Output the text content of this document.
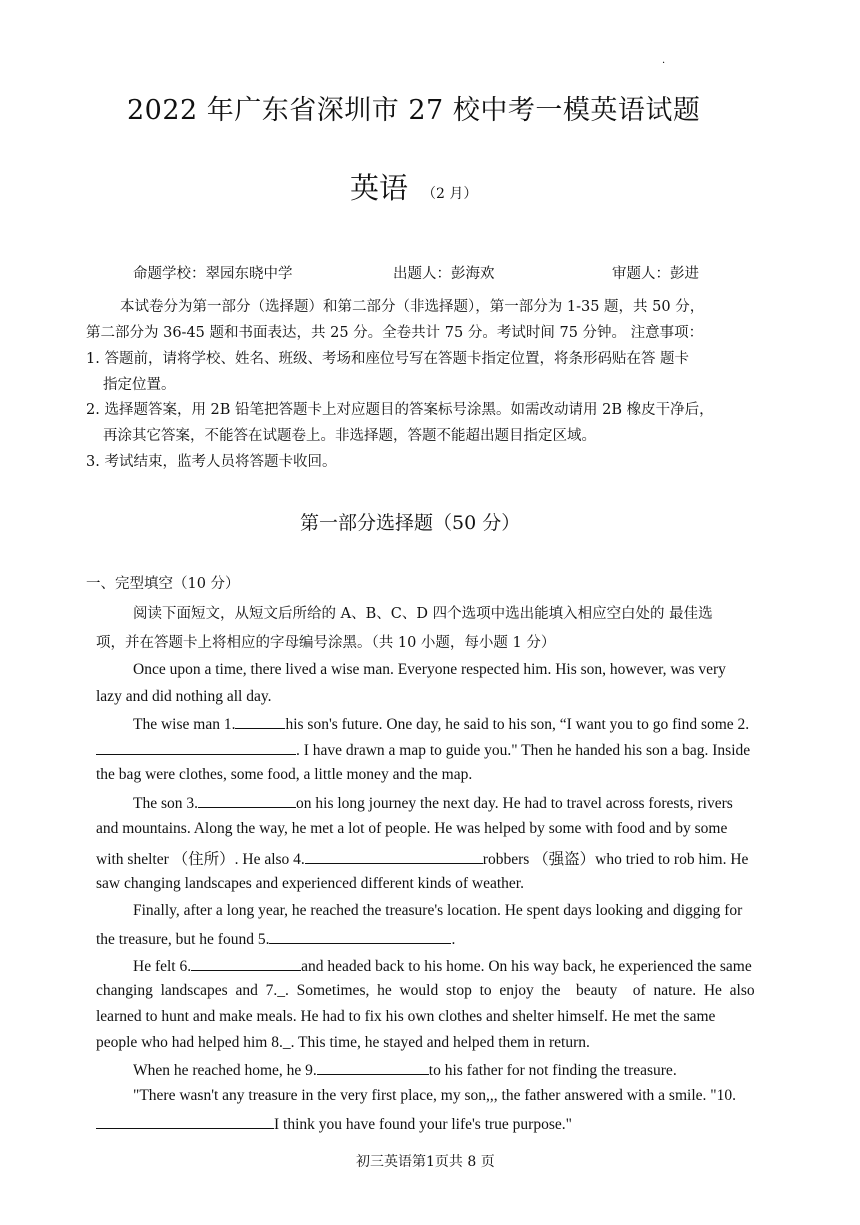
·
2022 年广东省深圳市 27 校中考一模英语试题
英语 （2 月）
命题学校：翠园东晓中学	出题人：彭海欢	审题人：彭进
本试卷分为第一部分（选择题）和第二部分（非选择题），第一部分为 1-35 题，共 50 分，
第二部分为 36-45 题和书面表达，共 25 分。全卷共计 75 分。考试时间 75 分钟。 注意事项：
1. 答题前，请将学校、姓名、班级、考场和座位号写在答题卡指定位置，将条形码贴在答 题卡
指定位置。
2. 选择题答案，用 2B 铅笔把答题卡上对应题目的答案标号涂黑。如需改动请用 2B 橡皮干净后，
再涂其它答案，不能答在试题卷上。非选择题，答题不能超出题目指定区域。
3. 考试结束，监考人员将答题卡收回。
第一部分选择题（50 分）
一、完型填空（10 分）
阅读下面短文，从短文后所给的 A、B、C、D 四个选项中选出能填入相应空白处的 最佳选
项，并在答题卡上将相应的字母编号涂黑。（共 10 小题，每小题 1 分）
Once upon a time, there lived a wise man. Everyone respected him. His son, however, was very
lazy and did nothing all day.
The wise man 1.	his son's future. One day, he said to his son, “I want you to go find some 2.
. I have drawn a map to guide you." Then he handed his son a bag. Inside
the bag were clothes, some food, a little money and the map.
The son 3.	on his long journey the next day. He had to travel across forests, rivers
and mountains. Along the way, he met a lot of people. He was helped by some with food and by some
with shelter （住所）. He also 4.	robbers （强盗）who tried to rob him. He
saw changing landscapes and experienced different kinds of weather.
Finally, after a long year, he reached the treasure's location. He spent days looking and digging for
the treasure, but he found 5.	.
He felt 6.	and headed back to his home. On his way back, he experienced the same
changing  landscapes  and  7._.  Sometimes,  he  would  stop  to  enjoy  the    beauty    of  nature.  He  also
learned to hunt and make meals. He had to fix his own clothes and shelter himself. He met the same
people who had helped him 8._. This time, he stayed and helped them in return.
When he reached home, he 9.	to his father for not finding the treasure.
"There wasn't any treasure in the very first place, my son,,, the father answered with a smile. "10.
I think you have found your life's true purpose."
初三英语第1页共 8 页
